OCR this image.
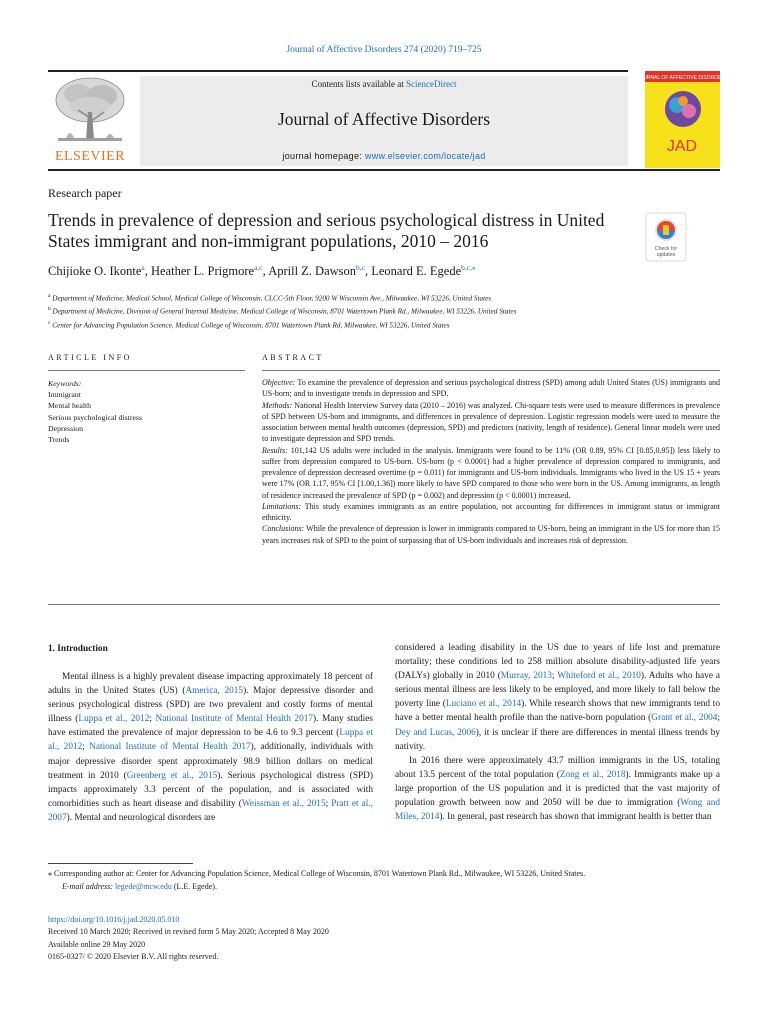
Journal of Affective Disorders 274 (2020) 719–725
ELSEVIER
Contents lists available at ScienceDirect
Journal of Affective Disorders
journal homepage: www.elsevier.com/locate/jad
JOURNAL OF AFFECTIVE DISORDERS
JAD
Research paper
Trends in prevalence of depression and serious psychological distress in United States immigrant and non-immigrant populations, 2010 – 2016	Check for
updates
Chijioke O. Ikonte$^a$, Heather L. Prigmore$^{a,c}$, Aprill Z. Dawson$^{b,c}$, Leonard E. Egede$^{b,c,⁎}$
$^a$ Department of Medicine, Medical School, Medical College of Wisconsin, CLCC-5th Floor, 9200 W Wisconsin Ave., Milwaukee, WI 53226, United States
$^b$ Department of Medicine, Division of General Internal Medicine, Medical College of Wisconsin, 8701 Watertown Plank Rd., Milwaukee, WI 53226, United States
$^c$ Center for Advancing Population Science, Medical College of Wisconsin, 8701 Watertown Plank Rd, Milwaukee, WI 53226, United States
ARTICLE INFO	ABSTRACT
Keywords:
Immigrant
Mental health
Serious psychological distress
Depression
Trends

Objective: To examine the prevalence of depression and serious psychological distress (SPD) among adult United States (US) immigrants and US-born; and to investigate trends in depression and SPD.

Methods: National Health Interview Survey data (2010 – 2016) was analyzed. Chi-square tests were used to measure differences in prevalence of SPD between US-born and immigrants, and differences in prevalence of depression. Logistic regression models were used to measure the association between mental health outcomes (depression, SPD) and predictors (nativity, length of residence). General linear models were used to investigate depression and SPD trends.

Results: 101,142 US adults were included in the analysis. Immigrants were found to be 11% (OR 0.89, 95% CI [0.85,0.95]) less likely to suffer from depression compared to US-born. US-born (p < 0.0001) had a higher prevalence of depression compared to immigrants, and prevalence of depression decreased overtime (p = 0.011) for immigrants and US-born individuals. Immigrants who lived in the US 15 + years were 17% (OR 1.17, 95% CI [1.00,1.36]) more likely to have SPD compared to those who were born in the US. Among immigrants, as length of residence increased the prevalence of SPD (p = 0.002) and depression (p < 0.0001) increased.

Limitations: This study examines immigrants as an entire population, not accounting for differences in immigrant status or immigrant ethnicity.

Conclusions: While the prevalence of depression is lower in immigrants compared to US-born, being an immigrant in the US for more than 15 years increases risk of SPD to the point of surpassing that of US-born individuals and increases risk of depression.

1. Introduction

Mental illness is a highly prevalent disease impacting approximately 18 percent of adults in the United States (US) (America, 2015). Major depressive disorder and serious psychological distress (SPD) are two prevalent and costly forms of mental illness (Luppa et al., 2012; National Institute of Mental Health 2017). Many studies have estimated the prevalence of major depression to be 4.6 to 9.3 percent (Luppa et al., 2012; National Institute of Mental Health 2017), additionally, individuals with major depressive disorder spent approximately 98.9 billion dollars on medical treatment in 2010 (Greenberg et al., 2015). Serious psychological distress (SPD) impacts approximately 3.3 percent of the population, and is associated with comorbidities such as heart disease and disability (Weissman et al., 2015; Pratt et al., 2007). Mental and neurological disorders are

considered a leading disability in the US due to years of life lost and premature mortality; these conditions led to 258 million absolute disability-adjusted life years (DALYs) globally in 2010 (Murray, 2013; Whiteford et al., 2010). Adults who have a serious mental illness are less likely to be employed, and more likely to fall below the poverty line (Luciano et al., 2014). While research shows that new immigrants tend to have a better mental health profile than the native-born population (Grant et al., 2004; Dey and Lucas, 2006), it is unclear if there are differences in mental illness trends by nativity.

In 2016 there were approximately 43.7 million immigrants in the US, totaling about 13.5 percent of the total population (Zong et al., 2018). Immigrants make up a large proportion of the US population and it is predicted that the vast majority of population growth between now and 2050 will be due to immigration (Wong and Miles, 2014). In general, past research has shown that immigrant health is better than

⁎ Corresponding author at: Center for Advancing Population Science, Medical College of Wisconsin, 8701 Watertown Plank Rd., Milwaukee, WI 53226, United States.

E-mail address: legede@mcw.edu (L.E. Egede).

https://doi.org/10.1016/j.jad.2020.05.010

Received 10 March 2020; Received in revised form 5 May 2020; Accepted 8 May 2020

Available online 29 May 2020

0165-0327/ © 2020 Elsevier B.V. All rights reserved.
